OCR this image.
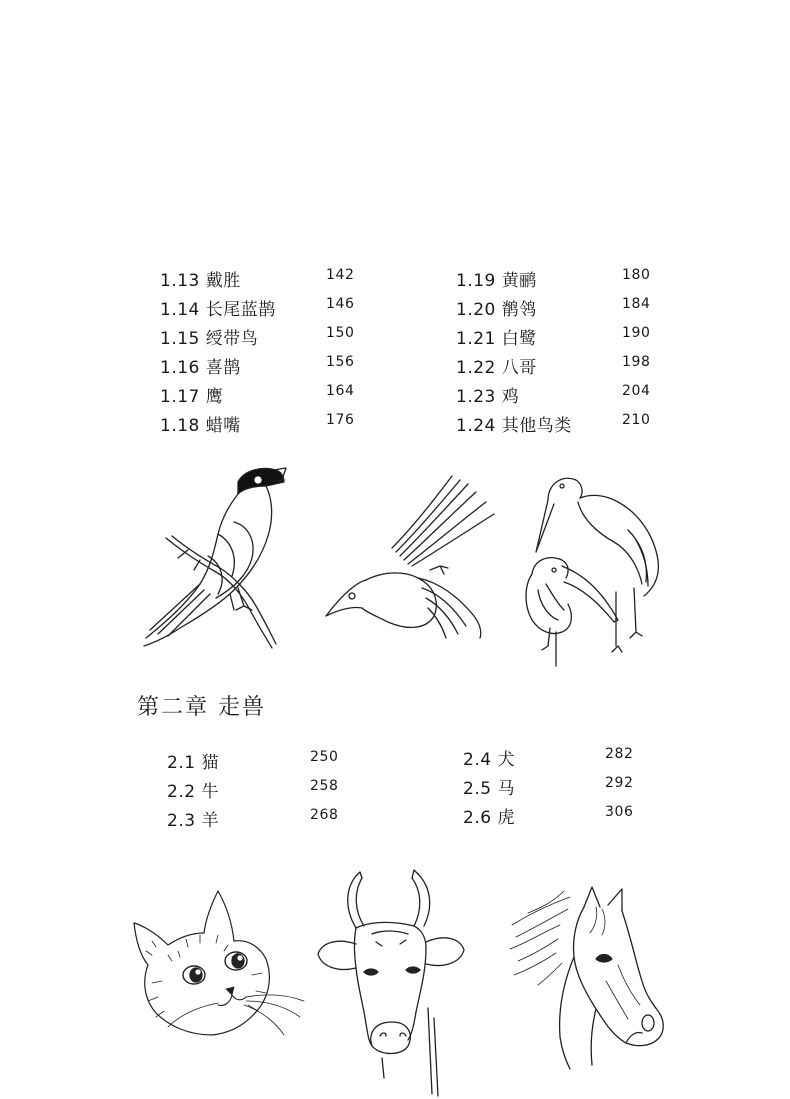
1.13 戴胜	142
1.14 长尾蓝鹊	146
1.15 绶带鸟	150
1.16 喜鹊	156
1.17 鹰	164
1.18 蜡嘴	176
1.19 黄鹂	180
1.20 鹡鸰	184
1.21 白鹭	190
1.22 八哥	198
1.23 鸡	204
1.24 其他鸟类	210
第二章 走兽
2.1 猫	250
2.2 牛	258
2.3 羊	268
2.4 犬	282
2.5 马	292
2.6 虎	306
